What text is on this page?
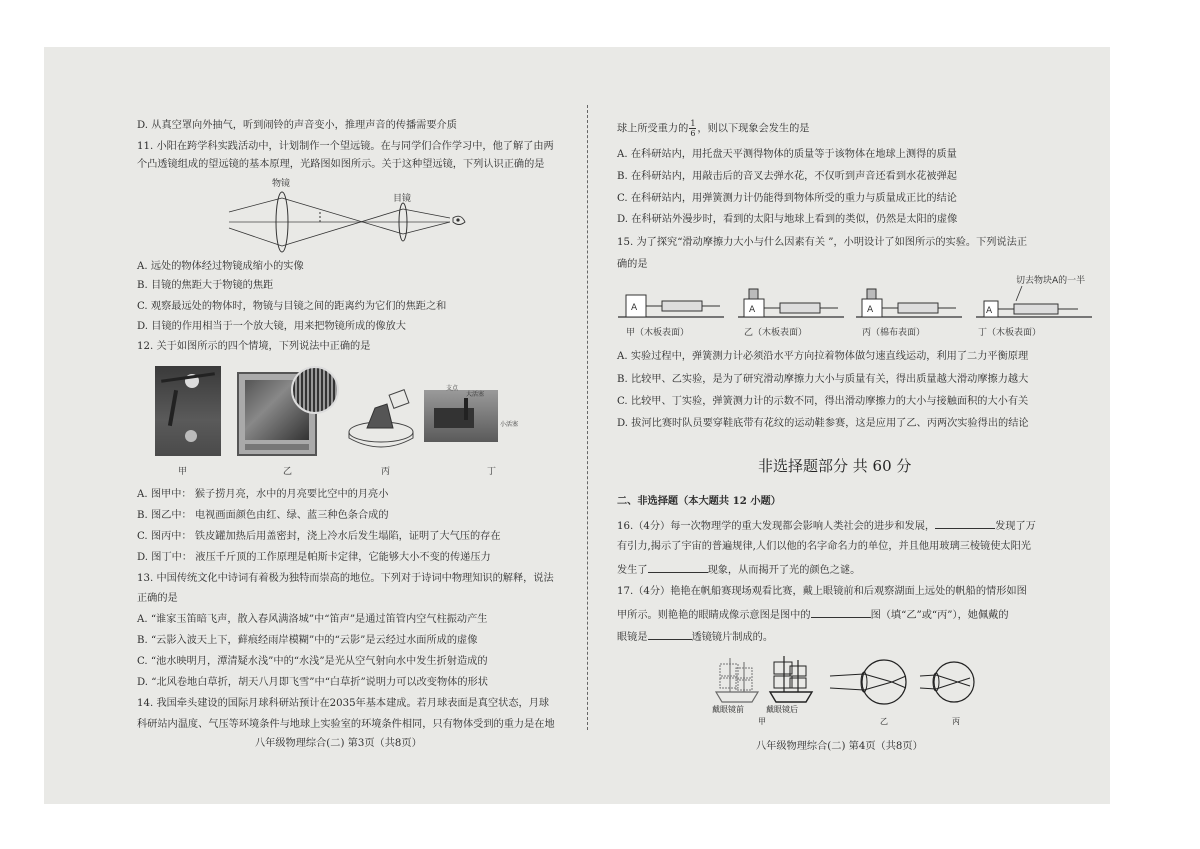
D. 从真空罩向外抽气，听到闹铃的声音变小，推理声音的传播需要介质
11. 小阳在跨学科实践活动中，计划制作一个望远镜。在与同学们合作学习中，他了解了由两
个凸透镜组成的望远镜的基本原理，光路图如图所示。关于这种望远镜，下列认识正确的是
物镜
目镜
A. 远处的物体经过物镜成缩小的实像
B. 目镜的焦距大于物镜的焦距
C. 观察最远处的物体时，物镜与目镜之间的距离约为它们的焦距之和
D. 目镜的作用相当于一个放大镜，用来把物镜所成的像放大
12. 关于如图所示的四个情境，下列说法中正确的是
支点
大活塞
小活塞
甲	乙	丙	丁
A. 图甲中： 猴子捞月亮，水中的月亮要比空中的月亮小
B. 图乙中： 电视画面颜色由红、绿、蓝三种色条合成的
C. 图丙中： 铁皮罐加热后用盖密封，浇上冷水后发生塌陷，证明了大气压的存在
D. 图丁中： 液压千斤顶的工作原理是帕斯卡定律，它能够大小不变的传递压力
13. 中国传统文化中诗词有着极为独特而崇高的地位。下列对于诗词中物理知识的解释，说法
正确的是
A. “谁家玉笛暗飞声，散入春风满洛城”中“笛声”是通过笛管内空气柱振动产生
B. “云影入波天上下，藓痕经雨岸模糊”中的“云影”是云经过水面所成的虚像
C. “池水映明月，潭清疑水浅”中的“水浅”是光从空气射向水中发生折射造成的
D. “北风卷地白草折，胡天八月即飞雪”中“白草折”说明力可以改变物体的形状
14. 我国牵头建设的国际月球科研站预计在2035年基本建成。若月球表面是真空状态，月球
科研站内温度、气压等环境条件与地球上实验室的环境条件相同，只有物体受到的重力是在地
八年级物理综合(二) 第3页（共8页）
球上所受重力的 $\frac{1}{6}$ ，则以下现象会发生的是
A. 在科研站内，用托盘天平测得物体的质量等于该物体在地球上测得的质量
B. 在科研站内，用敲击后的音叉去弹水花，不仅听到声音还看到水花被弹起
C. 在科研站内，用弹簧测力计仍能得到物体所受的重力与质量成正比的结论
D. 在科研站外漫步时，看到的太阳与地球上看到的类似，仍然是太阳的虚像
15. 为了探究“滑动摩擦力大小与什么因素有关 ”，小明设计了如图所示的实验。下列说法正
确的是
切去物块A的一半
A	A	A	A
甲（木板表面）	乙（木板表面）	丙（棉布表面）	丁（木板表面）
A. 实验过程中，弹簧测力计必须沿水平方向拉着物体做匀速直线运动，利用了二力平衡原理
B. 比较甲、乙实验，是为了研究滑动摩擦力大小与质量有关，得出质量越大滑动摩擦力越大
C. 比较甲、丁实验，弹簧测力计的示数不同，得出滑动摩擦力的大小与接触面积的大小有关
D. 拔河比赛时队员要穿鞋底带有花纹的运动鞋参赛，这是应用了乙、丙两次实验得出的结论
非选择题部分 共 60 分
二、非选择题（本大题共 12 小题）
16.（4分）每一次物理学的重大发现都会影响人类社会的进步和发展，	发现了万
有引力,揭示了宇宙的普遍规律,人们以他的名字命名力的单位，并且他用玻璃三棱镜使太阳光
发生了	现象，从而揭开了光的颜色之谜。
17.（4分）艳艳在帆船赛现场观看比赛，戴上眼镜前和后观察湖面上远处的帆船的情形如图
甲所示。则艳艳的眼睛成像示意图是图中的	图（填“乙”或“丙”），她佩戴的
眼镜是	透镜镜片制成的。
戴眼镜前	戴眼镜后
甲	乙	丙
八年级物理综合(二) 第4页（共8页）
